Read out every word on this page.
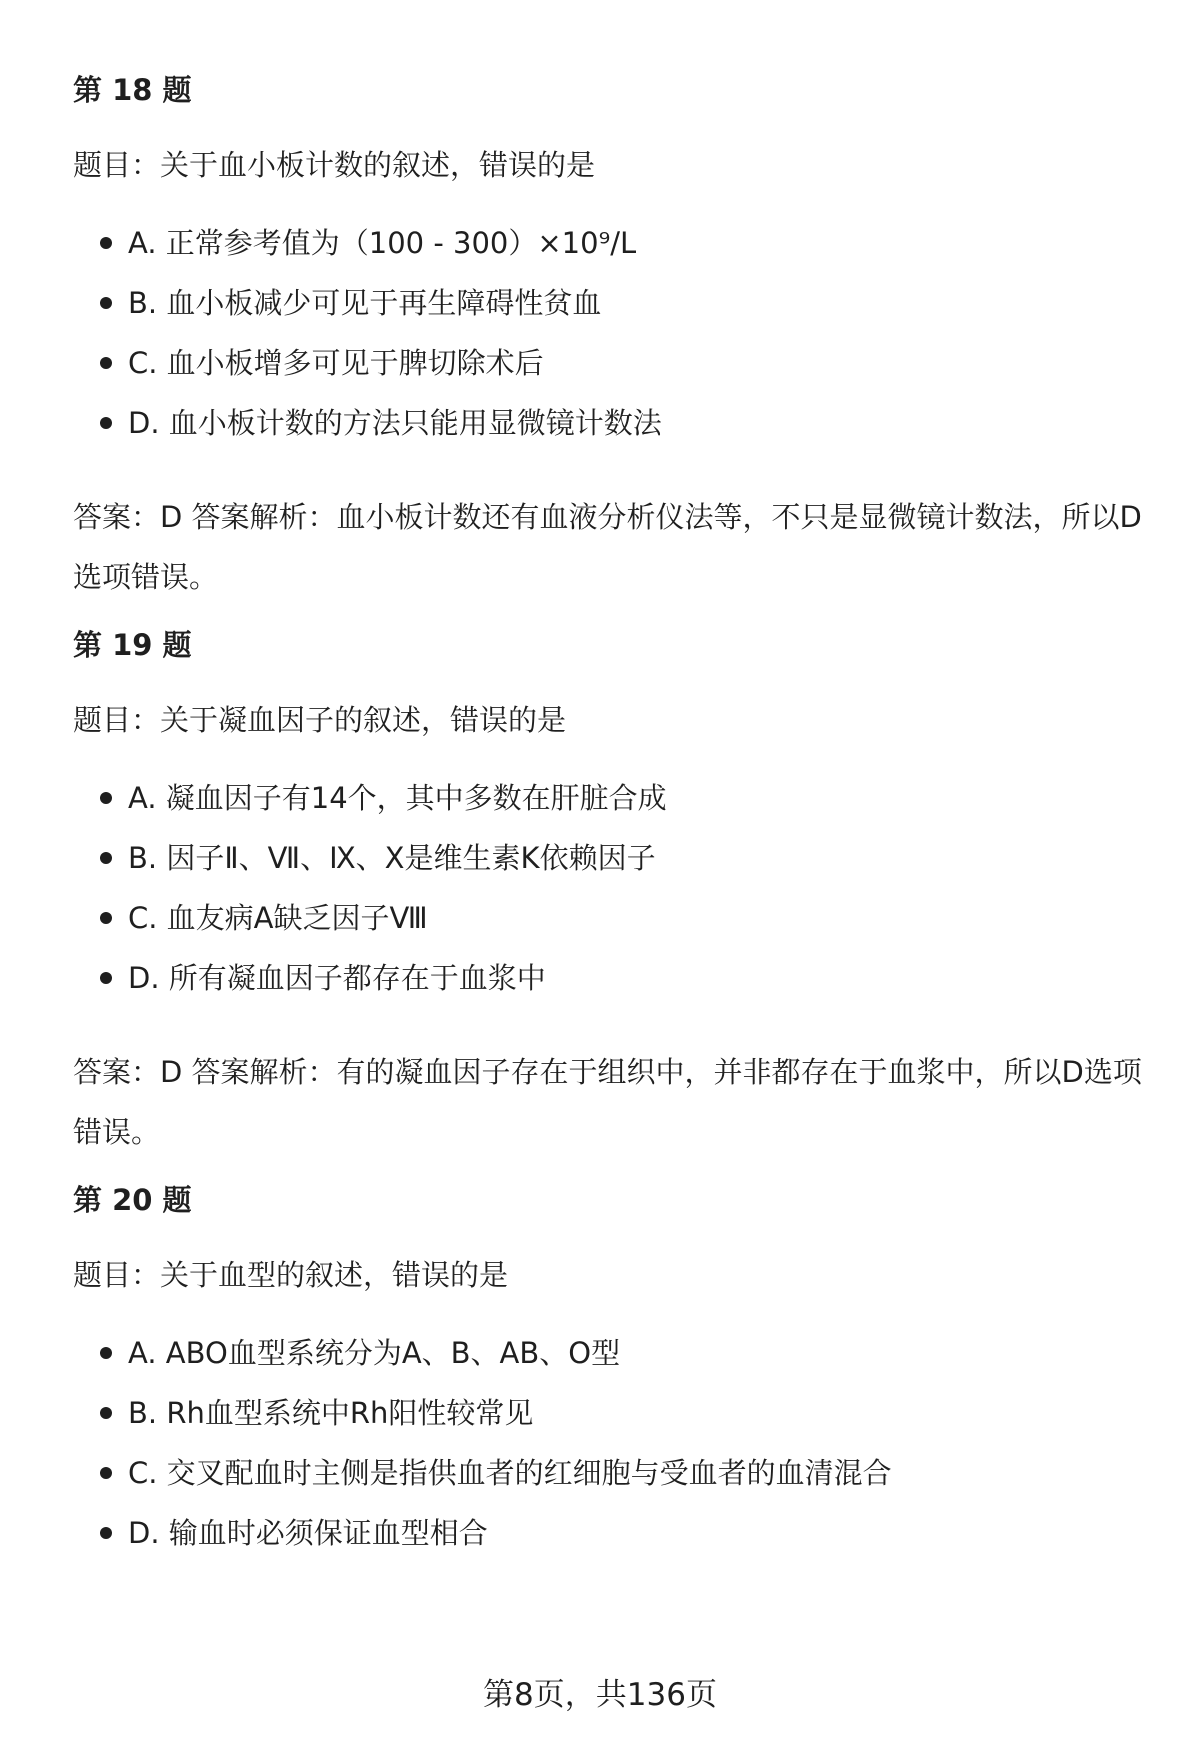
第 18 题
题目：关于血小板计数的叙述，错误的是
A. 正常参考值为（100 - 300）×10⁹/L
B. 血小板减少可见于再生障碍性贫血
C. 血小板增多可见于脾切除术后
D. 血小板计数的方法只能用显微镜计数法
答案：D 答案解析：血小板计数还有血液分析仪法等，不只是显微镜计数法，所以D选项错误。
第 19 题
题目：关于凝血因子的叙述，错误的是
A. 凝血因子有14个，其中多数在肝脏合成
B. 因子Ⅱ、Ⅶ、Ⅸ、Ⅹ是维生素K依赖因子
C. 血友病A缺乏因子Ⅷ
D. 所有凝血因子都存在于血浆中
答案：D 答案解析：有的凝血因子存在于组织中，并非都存在于血浆中，所以D选项错误。
第 20 题
题目：关于血型的叙述，错误的是
A. ABO血型系统分为A、B、AB、O型
B. Rh血型系统中Rh阳性较常见
C. 交叉配血时主侧是指供血者的红细胞与受血者的血清混合
D. 输血时必须保证血型相合
第8页，共136页
